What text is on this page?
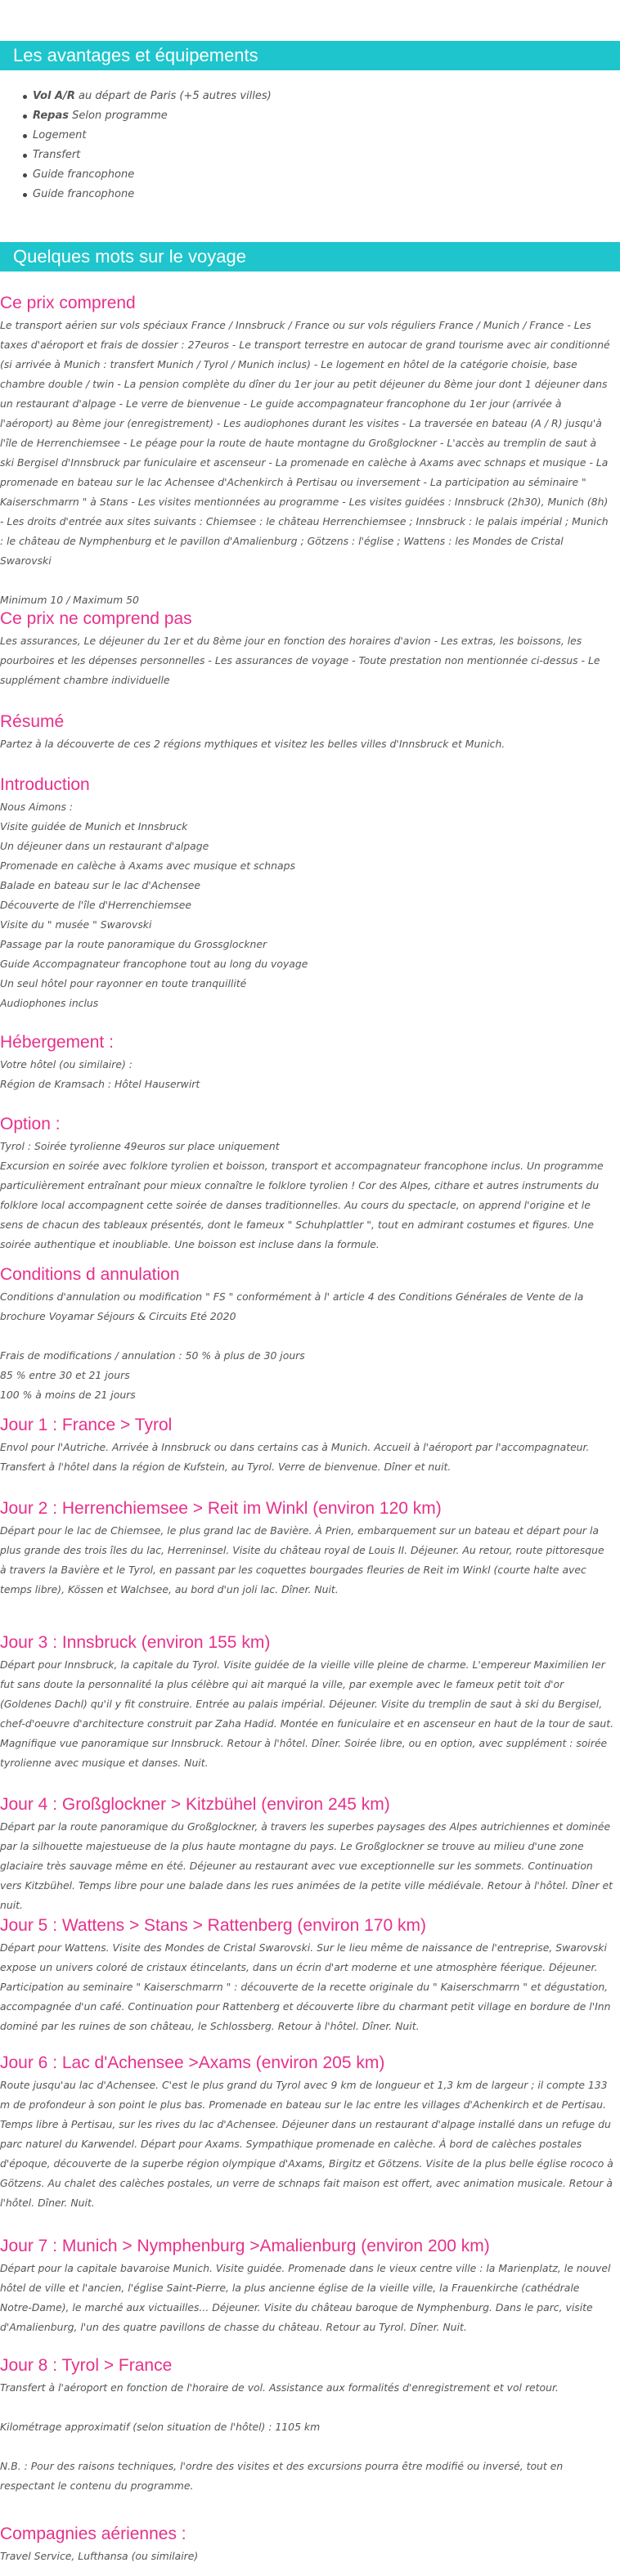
Les avantages et équipements
Vol A/R au départ de Paris (+5 autres villes)
Repas Selon programme
Logement
Transfert
Guide francophone
Guide francophone
Quelques mots sur le voyage
Ce prix comprend

Le transport aérien sur vols spéciaux France / Innsbruck / France ou sur vols réguliers France / Munich / France - Les taxes d'aéroport et frais de dossier : 27euros - Le transport terrestre en autocar de grand tourisme avec air conditionné (si arrivée à Munich : transfert Munich / Tyrol / Munich inclus) - Le logement en hôtel de la catégorie choisie, base chambre double / twin - La pension complète du dîner du 1er jour au petit déjeuner du 8ème jour dont 1 déjeuner dans un restaurant d'alpage - Le verre de bienvenue - Le guide accompagnateur francophone du 1er jour (arrivée à l'aéroport) au 8ème jour (enregistrement) - Les audiophones durant les visites - La traversée en bateau (A / R) jusqu'à l'île de Herrenchiemsee - Le péage pour la route de haute montagne du Großglockner - L'accès au tremplin de saut à ski Bergisel d'Innsbruck par funiculaire et ascenseur - La promenade en calèche à Axams avec schnaps et musique - La promenade en bateau sur le lac Achensee d'Achenkirch à Pertisau ou inversement - La participation au séminaire " Kaiserschmarrn " à Stans - Les visites mentionnées au programme - Les visites guidées : Innsbruck (2h30), Munich (8h) - Les droits d'entrée aux sites suivants : Chiemsee : le château Herrenchiemsee ; Innsbruck : le palais impérial ; Munich : le château de Nymphenburg et le pavillon d'Amalienburg ; Götzens : l'église ; Wattens : les Mondes de Cristal Swarovski

Minimum 10 / Maximum 50
Ce prix ne comprend pas

Les assurances, Le déjeuner du 1er et du 8ème jour en fonction des horaires d'avion - Les extras, les boissons, les pourboires et les dépenses personnelles - Les assurances de voyage - Toute prestation non mentionnée ci-dessus - Le supplément chambre individuelle

Résumé

Partez à la découverte de ces 2 régions mythiques et visitez les belles villes d'Innsbruck et Munich.

Introduction
Nous Aimons :
Visite guidée de Munich et Innsbruck
Un déjeuner dans un restaurant d'alpage
Promenade en calèche à Axams avec musique et schnaps
Balade en bateau sur le lac d'Achensee
Découverte de l'île d'Herrenchiemsee
Visite du " musée " Swarovski
Passage par la route panoramique du Grossglockner
Guide Accompagnateur francophone tout au long du voyage
Un seul hôtel pour rayonner en toute tranquillité
Audiophones inclus
Hébergement :
Votre hôtel (ou similaire) :
Région de Kramsach : Hôtel Hauserwirt
Option :
Tyrol : Soirée tyrolienne 49euros sur place uniquement

Excursion en soirée avec folklore tyrolien et boisson, transport et accompagnateur francophone inclus. Un programme particulièrement entraînant pour mieux connaître le folklore tyrolien ! Cor des Alpes, cithare et autres instruments du folklore local accompagnent cette soirée de danses traditionnelles. Au cours du spectacle, on apprend l'origine et le sens de chacun des tableaux présentés, dont le fameux " Schuhplattler ", tout en admirant costumes et figures. Une soirée authentique et inoubliable. Une boisson est incluse dans la formule.

Conditions d annulation

Conditions d'annulation ou modification " FS " conformément à l' article 4 des Conditions Générales de Vente de la brochure Voyamar Séjours & Circuits Eté 2020

Frais de modifications / annulation : 50 % à plus de 30 jours
85 % entre 30 et 21 jours
100 % à moins de 21 jours
Jour 1 : France > Tyrol

Envol pour l'Autriche. Arrivée à Innsbruck ou dans certains cas à Munich. Accueil à l'aéroport par l'accompagnateur. Transfert à l'hôtel dans la région de Kufstein, au Tyrol. Verre de bienvenue. Dîner et nuit.

Jour 2 : Herrenchiemsee > Reit im Winkl (environ 120 km)

Départ pour le lac de Chiemsee, le plus grand lac de Bavière. À Prien, embarquement sur un bateau et départ pour la plus grande des trois îles du lac, Herreninsel. Visite du château royal de Louis II. Déjeuner. Au retour, route pittoresque à travers la Bavière et le Tyrol, en passant par les coquettes bourgades fleuries de Reit im Winkl (courte halte avec temps libre), Kössen et Walchsee, au bord d'un joli lac. Dîner. Nuit.

Jour 3 : Innsbruck (environ 155 km)

Départ pour Innsbruck, la capitale du Tyrol. Visite guidée de la vieille ville pleine de charme. L'empereur Maximilien Ier fut sans doute la personnalité la plus célèbre qui ait marqué la ville, par exemple avec le fameux petit toit d'or (Goldenes Dachl) qu'il y fit construire. Entrée au palais impérial. Déjeuner. Visite du tremplin de saut à ski du Bergisel, chef-d'oeuvre d'architecture construit par Zaha Hadid. Montée en funiculaire et en ascenseur en haut de la tour de saut. Magnifique vue panoramique sur Innsbruck. Retour à l'hôtel. Dîner. Soirée libre, ou en option, avec supplément : soirée tyrolienne avec musique et danses. Nuit.

Jour 4 : Großglockner > Kitzbühel (environ 245 km)

Départ par la route panoramique du Großglockner, à travers les superbes paysages des Alpes autrichiennes et dominée par la silhouette majestueuse de la plus haute montagne du pays. Le Großglockner se trouve au milieu d'une zone glaciaire très sauvage même en été. Déjeuner au restaurant avec vue exceptionnelle sur les sommets. Continuation vers Kitzbühel. Temps libre pour une balade dans les rues animées de la petite ville médiévale. Retour à l'hôtel. Dîner et nuit.

Jour 5 : Wattens > Stans > Rattenberg (environ 170 km)

Départ pour Wattens. Visite des Mondes de Cristal Swarovski. Sur le lieu même de naissance de l'entreprise, Swarovski expose un univers coloré de cristaux étincelants, dans un écrin d'art moderne et une atmosphère féerique. Déjeuner. Participation au seminaire " Kaiserschmarrn " : découverte de la recette originale du " Kaiserschmarrn " et dégustation, accompagnée d'un café. Continuation pour Rattenberg et découverte libre du charmant petit village en bordure de l'Inn dominé par les ruines de son château, le Schlossberg. Retour à l'hôtel. Dîner. Nuit.

Jour 6 : Lac d'Achensee >Axams (environ 205 km)

Route jusqu'au lac d'Achensee. C'est le plus grand du Tyrol avec 9 km de longueur et 1,3 km de largeur ; il compte 133 m de profondeur à son point le plus bas. Promenade en bateau sur le lac entre les villages d'Achenkirch et de Pertisau. Temps libre à Pertisau, sur les rives du lac d'Achensee. Déjeuner dans un restaurant d'alpage installé dans un refuge du parc naturel du Karwendel. Départ pour Axams. Sympathique promenade en calèche. À bord de calèches postales d'époque, découverte de la superbe région olympique d'Axams, Birgitz et Götzens. Visite de la plus belle église rococo à Götzens. Au chalet des calèches postales, un verre de schnaps fait maison est offert, avec animation musicale. Retour à l'hôtel. Dîner. Nuit.

Jour 7 : Munich > Nymphenburg >Amalienburg (environ 200 km)

Départ pour la capitale bavaroise Munich. Visite guidée. Promenade dans le vieux centre ville : la Marienplatz, le nouvel hôtel de ville et l'ancien, l'église Saint-Pierre, la plus ancienne église de la vieille ville, la Frauenkirche (cathédrale Notre-Dame), le marché aux victuailles... Déjeuner. Visite du château baroque de Nymphenburg. Dans le parc, visite d'Amalienburg, l'un des quatre pavillons de chasse du château. Retour au Tyrol. Dîner. Nuit.

Jour 8 : Tyrol > France

Transfert à l'aéroport en fonction de l'horaire de vol. Assistance aux formalités d'enregistrement et vol retour.

Kilométrage approximatif (selon situation de l'hôtel) : 1105 km

N.B. : Pour des raisons techniques, l'ordre des visites et des excursions pourra être modifié ou inversé, tout en respectant le contenu du programme.

Compagnies aériennes :
Travel Service, Lufthansa (ou similaire)
